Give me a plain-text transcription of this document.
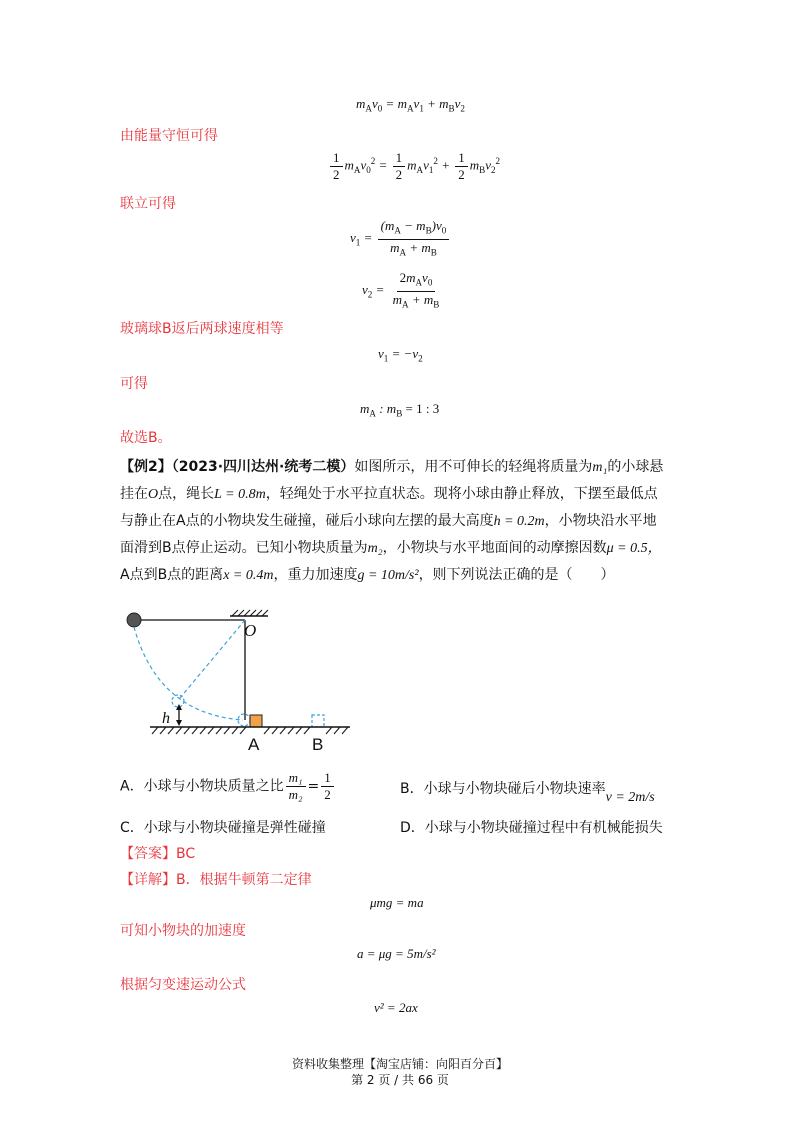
$m_Av_0 = m_Av_1 + m_Bv_2$
由能量守恒可得
$\frac{1}{2} m_Av_0^2 = \frac{1}{2} m_Av_1^2 + \frac{1}{2} m_Bv_2^2$
联立可得
$v_1 = \frac{(m_A - m_B)v_0}{m_A + m_B}$
$v_2 = \frac{2m_Av_0}{m_A + m_B}$
玻璃球B返后两球速度相等
$v_1 = -v_2$
可得
$m_A$ : $m_B = 1$ : 3
故选B。
【例2】（2023·四川达州·统考二模）如图所示，用不可伸长的轻绳将质量为m₁的小球悬
挂在O点，绳长L = 0.8m，轻绳处于水平拉直状态。现将小球由静止释放，下摆至最低点
与静止在A点的小物块发生碰撞，碰后小球向左摆的最大高度h = 0.2m，小物块沿水平地
面滑到B点停止运动。已知小物块质量为m₂，小物块与水平地面间的动摩擦因数μ = 0.5，
A点到B点的距离x = 0.4m，重力加速度g = 10m/s²，则下列说法正确的是（　　）
O
h
A	B
A．小球与小物块质量之比 $\frac{\text{m₁}}{\text{m₂}} = \frac{1}{2}$	B．小球与小物块碰后小物块速率v = 2m/s
C．小球与小物块碰撞是弹性碰撞	D．小球与小物块碰撞过程中有机械能损失
【答案】BC
【详解】B．根据牛顿第二定律
μmg = ma
可知小物块的加速度
a = μg = 5m/s²
根据匀变速运动公式
v² = 2ax
资料收集整理【淘宝店铺：向阳百分百】
第 2 页 / 共 66 页
